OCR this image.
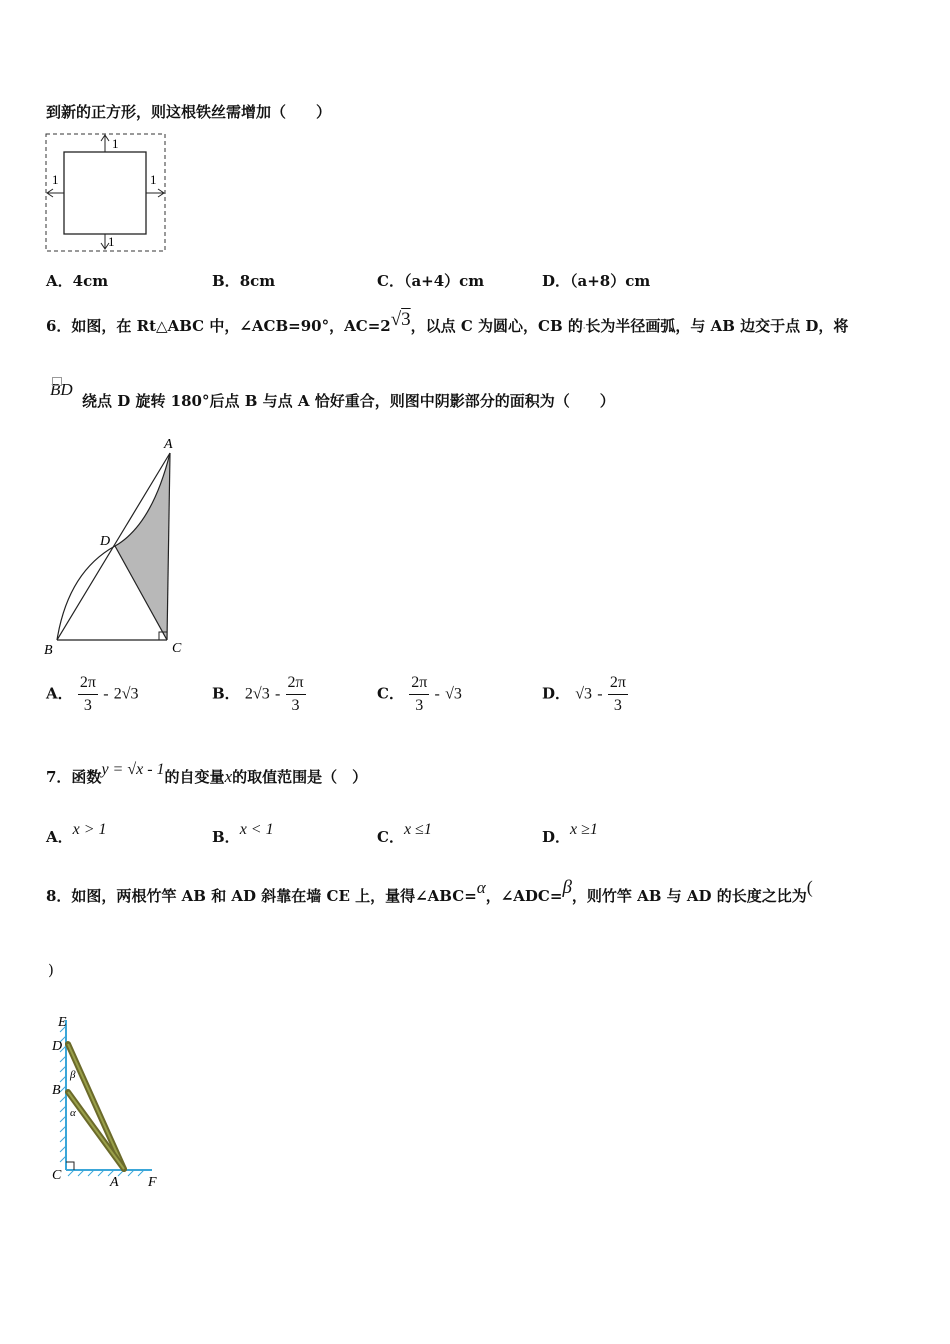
到新的正方形，则这根铁丝需增加（　　）
1
1	1
1
A．4cm	B．8cm	C．（a+4）cm	D．（a+8）cm
6．如图，在 Rt△ABC 中，∠ACB=90°，AC=2√3，以点 C 为圆心，CB 的·长为半径画弧，与 AB 边交于点 D，将
BD
绕点 D 旋转 180°后点 B 与点 A 恰好重合，则图中阴影部分的面积为（　　）
A
D
B	C
A． $\frac{2\pi}{3} - 2√3$	B． $2√3 - \frac{2\pi}{3}$	C． $\frac{2\pi}{3} - √3$	D． $√3 - \frac{2\pi}{3}$
7．函数y = √x - 1的自变量x的取值范围是（　）
A．x > 1	B．x < 1	C．x ≤1	D．x ≥1
8．如图，两根竹竿 AB 和 AD 斜靠在墙 CE 上，量得∠ABC=α，∠ADC=β，则竹竿 AB 与 AD 的长度之比为(
)
E
D
B
C	A F
β
α
